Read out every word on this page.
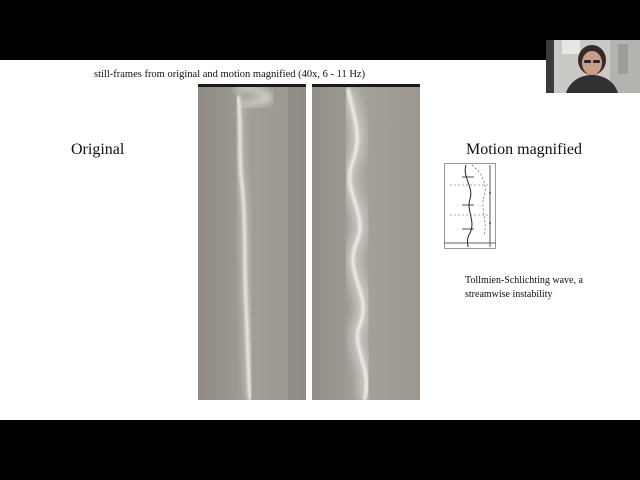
still-frames from original and motion magnified (40x, 6 - 11 Hz)
Original	Motion magnified
Tollmien-Schlichting wave, a streamwise instability
